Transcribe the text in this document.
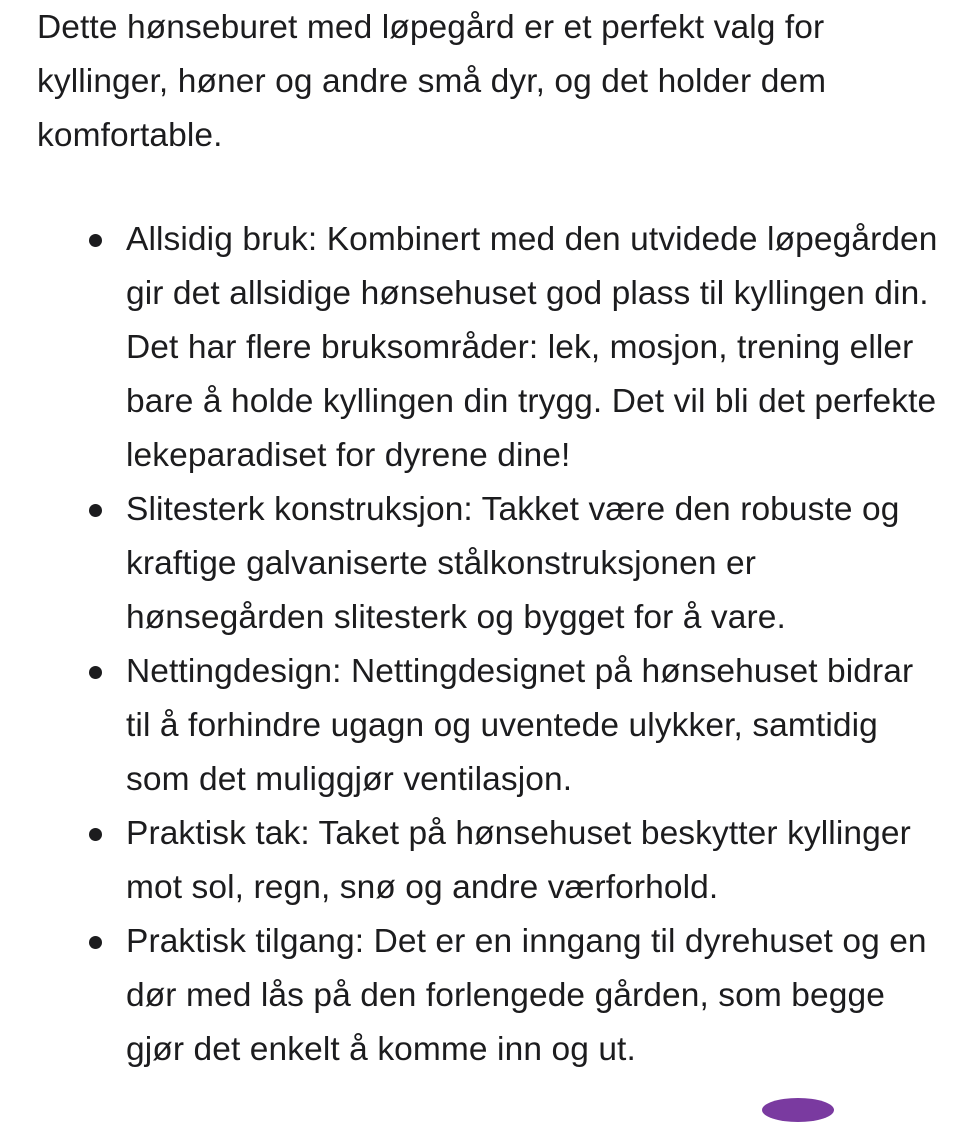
Dette hønseburet med løpegård er et perfekt valg for kyllinger, høner og andre små dyr, og det holder dem komfortable.

Allsidig bruk: Kombinert med den utvidede løpegården gir det allsidige hønsehuset god plass til kyllingen din. Det har flere bruksområder: lek, mosjon, trening eller bare å holde kyllingen din trygg. Det vil bli det perfekte lekeparadiset for dyrene dine!
Slitesterk konstruksjon: Takket være den robuste og kraftige galvaniserte stålkonstruksjonen er hønsegården slitesterk og bygget for å vare.
Nettingdesign: Nettingdesignet på hønsehuset bidrar til å forhindre ugagn og uventede ulykker, samtidig som det muliggjør ventilasjon.
Praktisk tak: Taket på hønsehuset beskytter kyllinger mot sol, regn, snø og andre værforhold.
Praktisk tilgang: Det er en inngang til dyrehuset og en dør med lås på den forlengede gården, som begge gjør det enkelt å komme inn og ut.
